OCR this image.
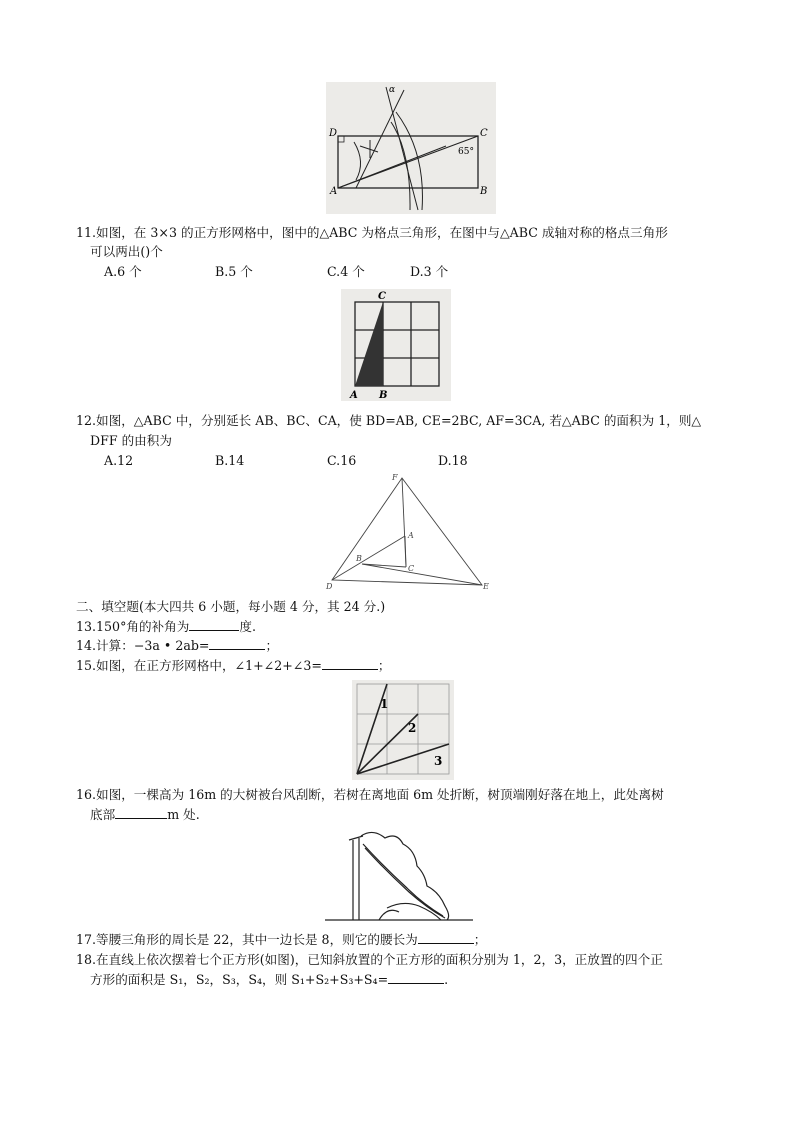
D	C
A	B
α
65°
11.如图，在 3×3 的正方形网格中，图中的△ABC 为格点三角形，在图中与△ABC 成轴对称的格点三角形
可以两出()个
A.6 个	B.5 个	C.4 个	D.3 个
C
A B
12.如图，△ABC 中，分别延长 AB、BC、CA，使 BD=AB, CE=2BC, AF=3CA, 若△ABC 的面积为 1，则△
DFF 的由积为
A.12	B.14	C.16	D.18
F
A
B
C
D	E
二、填空题(本大四共 6 小题，每小题 4 分，其 24 分.)
13.150°角的补角为	度.
14.计算：−3a • 2ab=	；
15.如图，在正方形网格中，∠1+∠2+∠3=	；
1
2
3
16.如图，一棵高为 16m 的大树被台风刮断，若树在离地面 6m 处折断，树顶端刚好落在地上，此处离树
底部	m 处.
17.等腰三角形的周长是 22，其中一边长是 8，则它的腰长为	；
18.在直线上依次摆着七个正方形(如图)，已知斜放置的个正方形的面积分别为 1，2，3，正放置的四个正
方形的面积是 S₁，S₂，S₃，S₄，则 S₁+S₂+S₃+S₄=	.
